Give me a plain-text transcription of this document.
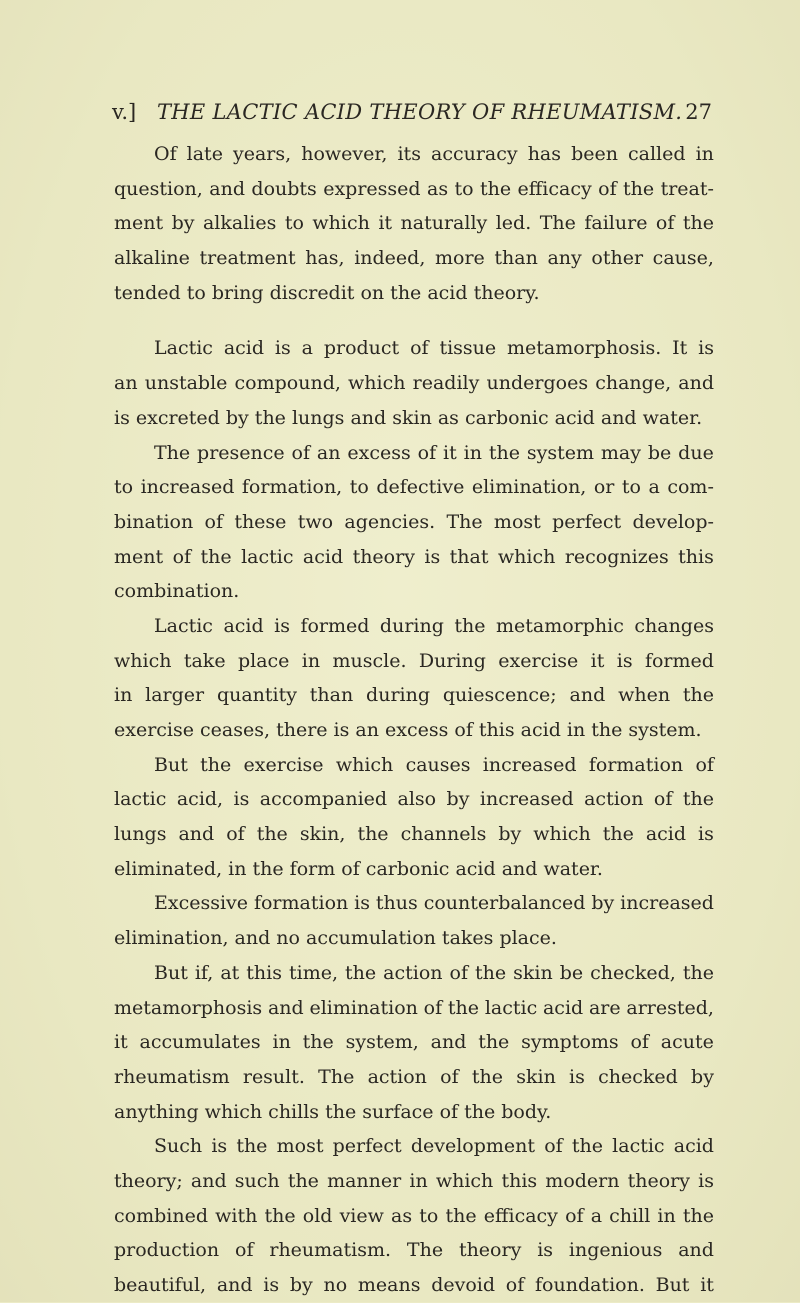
v.] THE LACTIC ACID THEORY OF RHEUMATISM. 27
Of late years, however, its accuracy has been called in
question, and doubts expressed as to the efficacy of the treat-
ment by alkalies to which it naturally led. The failure of the
alkaline treatment has, indeed, more than any other cause,
tended to bring discredit on the acid theory.
Lactic acid is a product of tissue metamorphosis. It is
an unstable compound, which readily undergoes change, and
is excreted by the lungs and skin as carbonic acid and water.
The presence of an excess of it in the system may be due
to increased formation, to defective elimination, or to a com-
bination of these two agencies. The most perfect develop-
ment of the lactic acid theory is that which recognizes this
combination.
Lactic acid is formed during the metamorphic changes
which take place in muscle. During exercise it is formed
in larger quantity than during quiescence; and when the
exercise ceases, there is an excess of this acid in the system.
But the exercise which causes increased formation of
lactic acid, is accompanied also by increased action of the
lungs and of the skin, the channels by which the acid is
eliminated, in the form of carbonic acid and water.
Excessive formation is thus counterbalanced by increased
elimination, and no accumulation takes place.
But if, at this time, the action of the skin be checked, the
metamorphosis and elimination of the lactic acid are arrested,
it accumulates in the system, and the symptoms of acute
rheumatism result. The action of the skin is checked by
anything which chills the surface of the body.
Such is the most perfect development of the lactic acid
theory; and such the manner in which this modern theory is
combined with the old view as to the efficacy of a chill in the
production of rheumatism. The theory is ingenious and
beautiful, and is by no means devoid of foundation. But it
